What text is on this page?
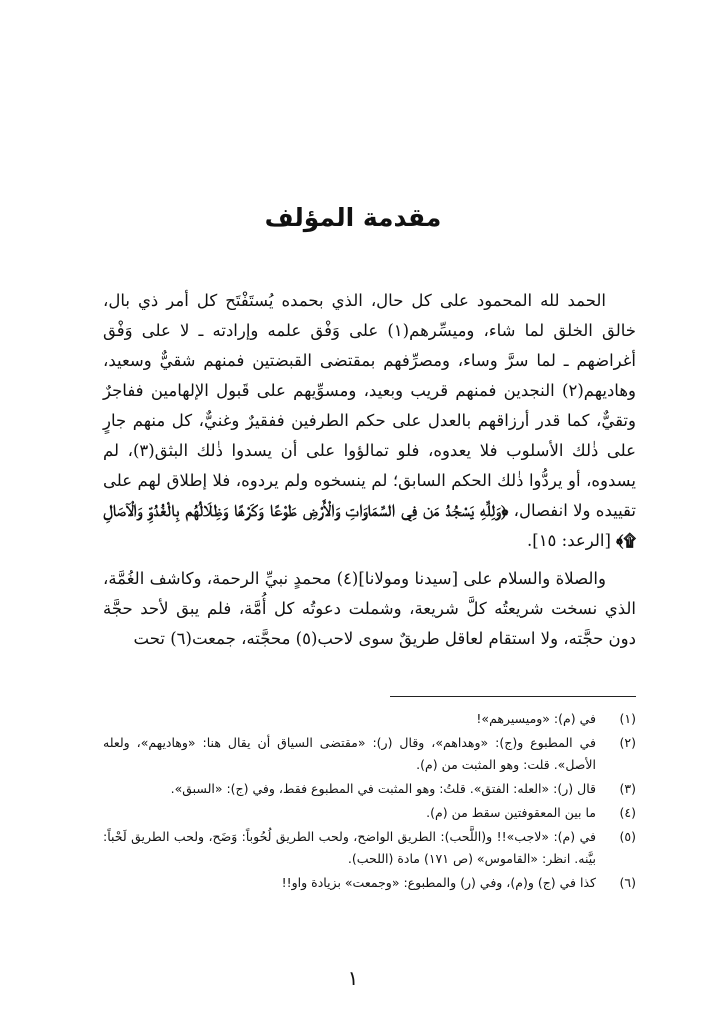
مقدمة المؤلف

الحمد لله المحمود على كل حال، الذي بحمده يُستَفْتَح كل أمر ذي بال، خالق الخلق لما شاء، وميسِّرهم(١) على وَفْق علمه وإرادته ـ لا على وَفْق أغراضهم ـ لما سرَّ وساء، ومصرِّفهم بمقتضى القبضتين فمنهم شقيٌّ وسعيد، وهاديهم(٢) النجدين فمنهم قريب وبعيد، ومسوِّيهم على قَبول الإلهامين ففاجرٌ وتقيٌّ، كما قدر أرزاقهم بالعدل على حكم الطرفين ففقيرٌ وغنيٌّ، كل منهم جارٍ على ذٰلك الأسلوب فلا يعدوه، فلو تمالؤوا على أن يسدوا ذٰلك البثق(٣)، لم يسدوه، أو يردُّوا ذٰلك الحكم السابق؛ لم ينسخوه ولم يردوه، فلا إطلاق لهم على تقييده ولا انفصال، ﴿وَلِلَّهِ يَسْجُدُ مَن فِي السَّمَاوَاتِ وَالْأَرْضِ طَوْعًا وَكَرْهًا وَظِلَالُهُم بِالْغُدُوِّ وَالْآصَالِ ۩﴾ [الرعد: ١٥].

والصلاة والسلام على [سيدنا ومولانا](٤) محمدٍ نبيِّ الرحمة، وكاشف الغُمَّة، الذي نسخت شريعتُه كلَّ شريعة، وشملت دعوتُه كل أُمَّة، فلم يبق لأحد حجَّة دون حجَّته، ولا استقام لعاقل طريقٌ سوى لاحب(٥) محجَّته، جمعت(٦) تحت

(١)
في (م): «وميسيرهم»!
(٢)
في المطبوع و(ج): «وهداهم»، وقال (ر): «مقتضى السياق أن يقال هنا: «وهاديهم»، ولعله الأصل». قلت: وهو المثبت من (م).
(٣)
قال (ر): «العله: الفتق». قلتُ: وهو المثبت في المطبوع فقط، وفي (ج): «السبق».
(٤)
ما بين المعقوفتين سقط من (م).
(٥)
في (م): «لاجب»!! و(اللَّحب): الطريق الواضح، ولحب الطريق لُحُوباً: وَضَح، ولحب الطريق لَحْباً: بيَّنه. انظر: «القاموس» (ص ١٧١) مادة (اللحب).
(٦)
كذا في (ج) و(م)، وفي (ر) والمطبوع: «وجمعت» بزيادة واو!!
١
